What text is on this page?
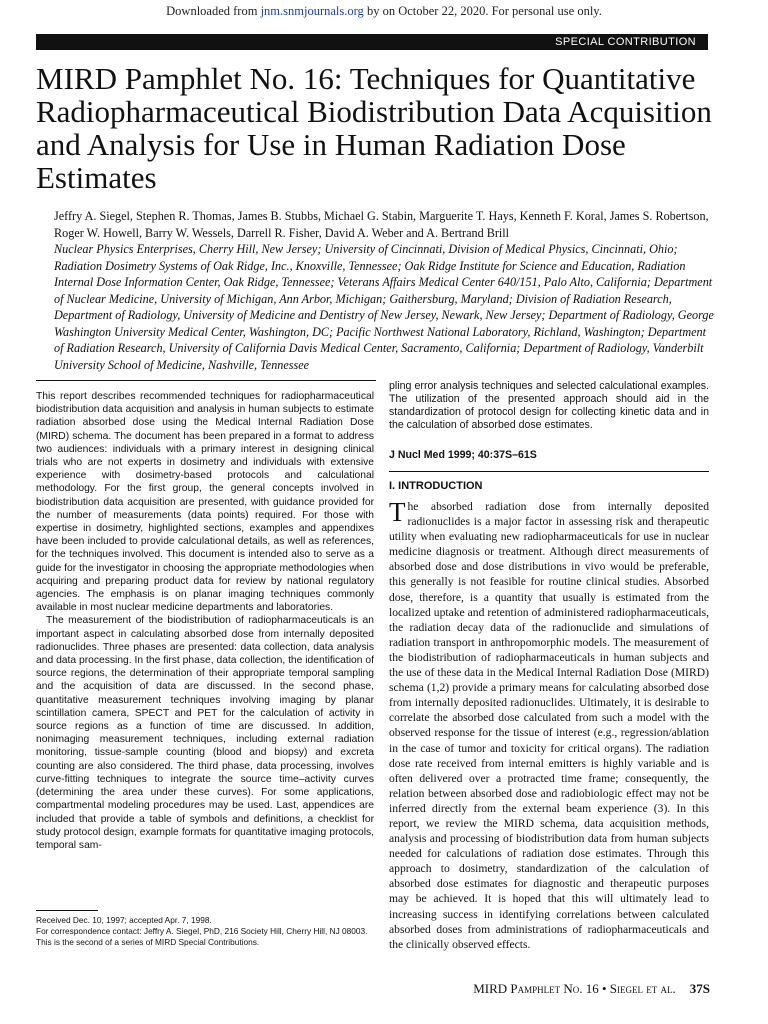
Downloaded from jnm.snmjournals.org by on October 22, 2020. For personal use only.
SPECIAL CONTRIBUTION
MIRD Pamphlet No. 16: Techniques for Quantitative Radiopharmaceutical Biodistribution Data Acquisition and Analysis for Use in Human Radiation Dose Estimates
Jeffry A. Siegel, Stephen R. Thomas, James B. Stubbs, Michael G. Stabin, Marguerite T. Hays, Kenneth F. Koral, James S. Robertson, Roger W. Howell, Barry W. Wessels, Darrell R. Fisher, David A. Weber and A. Bertrand Brill
Nuclear Physics Enterprises, Cherry Hill, New Jersey; University of Cincinnati, Division of Medical Physics, Cincinnati, Ohio; Radiation Dosimetry Systems of Oak Ridge, Inc., Knoxville, Tennessee; Oak Ridge Institute for Science and Education, Radiation Internal Dose Information Center, Oak Ridge, Tennessee; Veterans Affairs Medical Center 640/151, Palo Alto, California; Department of Nuclear Medicine, University of Michigan, Ann Arbor, Michigan; Gaithersburg, Maryland; Division of Radiation Research, Department of Radiology, University of Medicine and Dentistry of New Jersey, Newark, New Jersey; Department of Radiology, George Washington University Medical Center, Washington, DC; Pacific Northwest National Laboratory, Richland, Washington; Department of Radiation Research, University of California Davis Medical Center, Sacramento, California; Department of Radiology, Vanderbilt University School of Medicine, Nashville, Tennessee

This report describes recommended techniques for radiopharmaceutical biodistribution data acquisition and analysis in human subjects to estimate radiation absorbed dose using the Medical Internal Radiation Dose (MIRD) schema. The document has been prepared in a format to address two audiences: individuals with a primary interest in designing clinical trials who are not experts in dosimetry and individuals with extensive experience with dosimetry-based protocols and calculational methodology. For the first group, the general concepts involved in biodistribution data acquisition are presented, with guidance provided for the number of measurements (data points) required. For those with expertise in dosimetry, highlighted sections, examples and appendixes have been included to provide calculational details, as well as references, for the techniques involved. This document is intended also to serve as a guide for the investigator in choosing the appropriate methodologies when acquiring and preparing product data for review by national regulatory agencies. The emphasis is on planar imaging techniques commonly available in most nuclear medicine departments and laboratories.

The measurement of the biodistribution of radiopharmaceuticals is an important aspect in calculating absorbed dose from internally deposited radionuclides. Three phases are presented: data collection, data analysis and data processing. In the first phase, data collection, the identification of source regions, the determination of their appropriate temporal sampling and the acquisition of data are discussed. In the second phase, quantitative measurement techniques involving imaging by planar scintillation camera, SPECT and PET for the calculation of activity in source regions as a function of time are discussed. In addition, nonimaging measurement techniques, including external radiation monitoring, tissue-sample counting (blood and biopsy) and excreta counting are also considered. The third phase, data processing, involves curve-fitting techniques to integrate the source time–activity curves (determining the area under these curves). For some applications, compartmental modeling procedures may be used. Last, appendices are included that provide a table of symbols and definitions, a checklist for study protocol design, example formats for quantitative imaging protocols, temporal sam-

Received Dec. 10, 1997; accepted Apr. 7, 1998.

For correspondence contact: Jeffry A. Siegel, PhD, 216 Society Hill, Cherry Hill, NJ 08003.

This is the second of a series of MIRD Special Contributions.

pling error analysis techniques and selected calculational examples. The utilization of the presented approach should aid in the standardization of protocol design for collecting kinetic data and in the calculation of absorbed dose estimates.
J Nucl Med 1999; 40:37S–61S
I. INTRODUCTION
The absorbed radiation dose from internally deposited radionuclides is a major factor in assessing risk and therapeutic utility when evaluating new radiopharmaceuticals for use in nuclear medicine diagnosis or treatment. Although direct measurements of absorbed dose and dose distributions in vivo would be preferable, this generally is not feasible for routine clinical studies. Absorbed dose, therefore, is a quantity that usually is estimated from the localized uptake and retention of administered radiopharmaceuticals, the radiation decay data of the radionuclide and simulations of radiation transport in anthropomorphic models. The measurement of the biodistribution of radiopharmaceuticals in human subjects and the use of these data in the Medical Internal Radiation Dose (MIRD) schema (1,2) provide a primary means for calculating absorbed dose from internally deposited radionuclides. Ultimately, it is desirable to correlate the absorbed dose calculated from such a model with the observed response for the tissue of interest (e.g., regression/ablation in the case of tumor and toxicity for critical organs). The radiation dose rate received from internal emitters is highly variable and is often delivered over a protracted time frame; consequently, the relation between absorbed dose and radiobiologic effect may not be inferred directly from the external beam experience (3). In this report, we review the MIRD schema, data acquisition methods, analysis and processing of biodistribution data from human subjects needed for calculations of radiation dose estimates. Through this approach to dosimetry, standardization of the calculation of absorbed dose estimates for diagnostic and therapeutic purposes may be achieved. It is hoped that this will ultimately lead to increasing success in identifying correlations between calculated absorbed doses from administrations of radiopharmaceuticals and the clinically observed effects.
MIRD Pamphlet No. 16 • Siegel et al. 37S
